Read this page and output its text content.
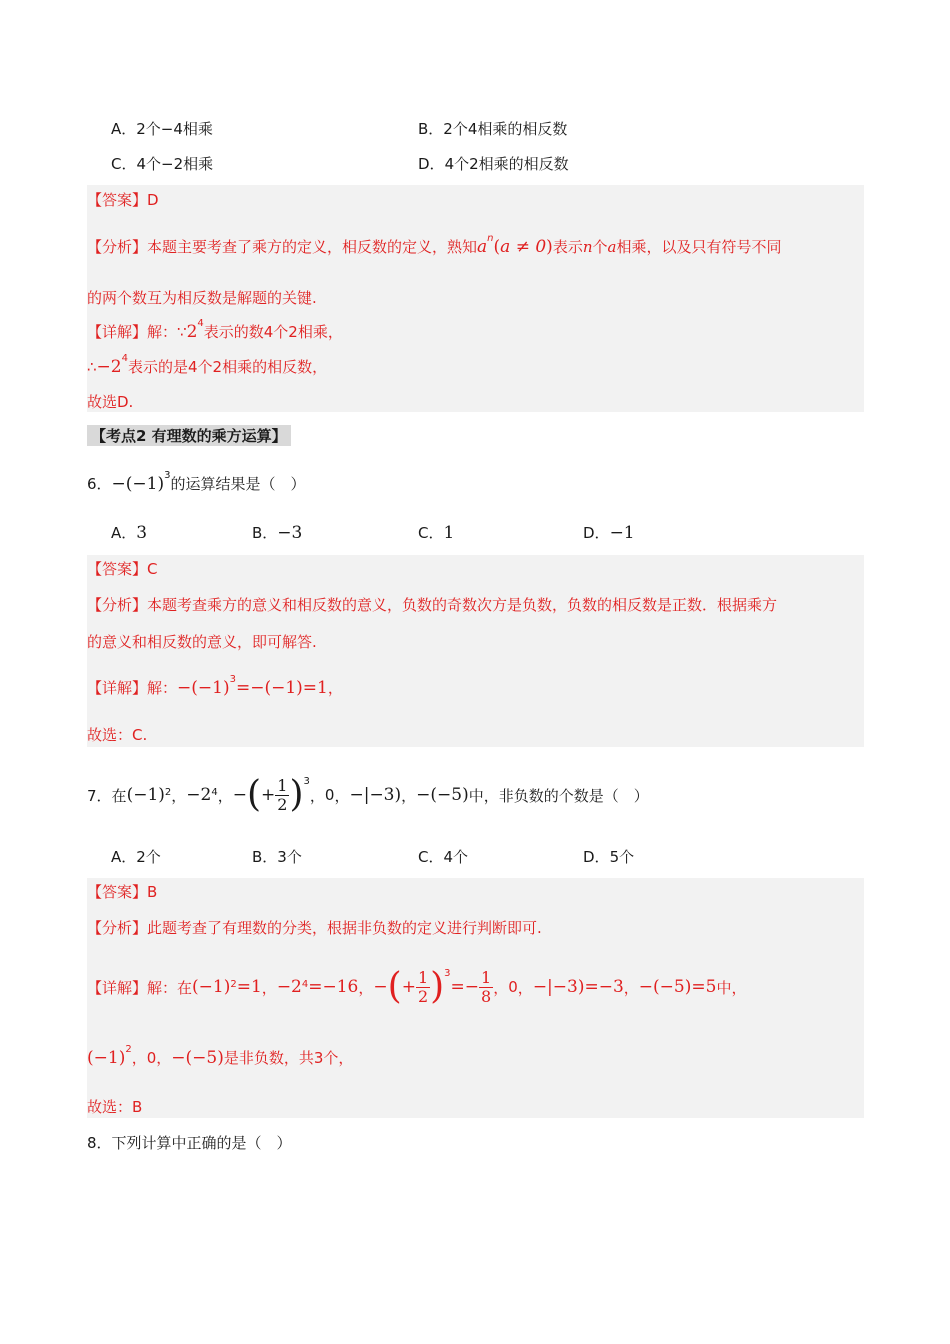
A．2个−4相乘	B．2个4相乘的相反数
C．4个−2相乘	D．4个2相乘的相反数
【答案】D
【分析】本题主要考查了乘方的定义，相反数的定义，熟知$a^n(a \ne 0)$表示n个a相乘，以及只有符号不同
的两个数互为相反数是解题的关键.
【详解】解：$\because 2^4$表示的数4个2相乘，
$\therefore-2^4$表示的是4个2相乘的相反数，
故选D.
【考点2 有理数的乘方运算】
6．$-(-1)^3$的运算结果是（　）
A．3	B．−3	C．1	D．−1
【答案】C
【分析】本题考查乘方的意义和相反数的意义，负数的奇数次方是负数，负数的相反数是正数．根据乘方
的意义和相反数的意义，即可解答.
【详解】解：$-(-1)^3=-(-1)=1$，
故选：C.
7． 在 $(-1)^2$ ， $-2^4$ ， − ( + $\frac{1}{2} )^3$
， 0 ， −|−3) ， −(−5) 中，非负数的个数是（　）
A．2个	B．3个	C．4个	D．5个
【答案】B
【分析】此题考查了有理数的分类，根据非负数的定义进行判断即可.
【详解】 解：在 $(-1)^2 =1$ ， $-2^4 =-16$ ， − ( + $\frac{1}{2} )^3$
=− $\frac{1}{8}$ ， 0 ， −|−3)=−3 ， −(−5)=5 中，
$(-1)^2$，0，−(−5)是非负数，共3个，
故选：B
8．下列计算中正确的是（　）
